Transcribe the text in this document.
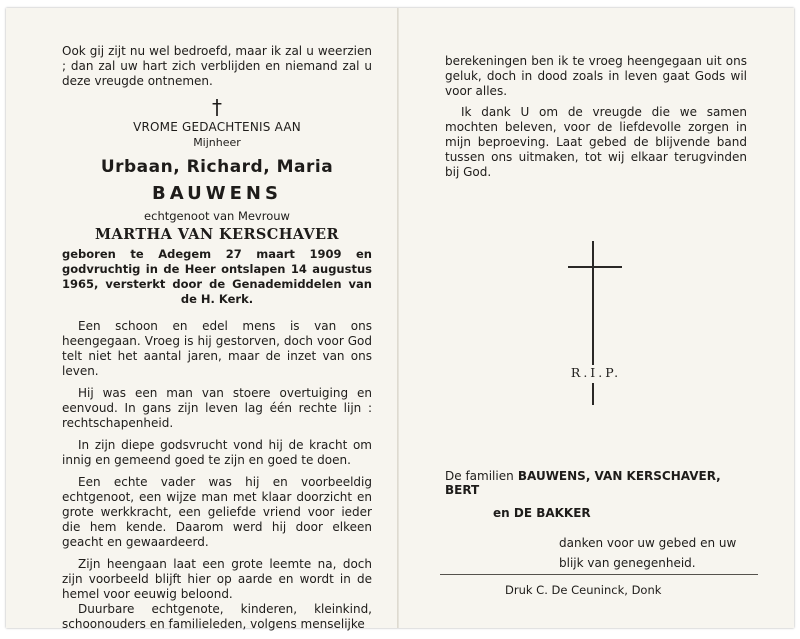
Ook gij zijt nu wel bedroefd, maar ik zal u weerzien ; dan zal uw hart zich verblijden en niemand zal u deze vreugde ontnemen.

†
VROME GEDACHTENIS AAN
Mijnheer
Urbaan, Richard, Maria
BAUWENS
echtgenoot van Mevrouw
MARTHA VAN KERSCHAVER
geboren te Adegem 27 maart 1909 en godvruchtig in de Heer ontslapen 14 augustus 1965, versterkt door de Genademiddelen van de H. Kerk.

Een schoon en edel mens is van ons heengegaan. Vroeg is hij gestorven, doch voor God telt niet het aantal jaren, maar de inzet van ons leven.

Hij was een man van stoere overtuiging en eenvoud. In gans zijn leven lag één rechte lijn : rechtschapenheid.

In zijn diepe godsvrucht vond hij de kracht om innig en gemeend goed te zijn en goed te doen.

Een echte vader was hij en voorbeeldig echtgenoot, een wijze man met klaar doorzicht en grote werkkracht, een geliefde vriend voor ieder die hem kende. Daarom werd hij door elkeen geacht en gewaardeerd.

Zijn heengaan laat een grote leemte na, doch zijn voorbeeld blijft hier op aarde en wordt in de hemel voor eeuwig beloond.

Duurbare echtgenote, kinderen, kleinkind, schoonouders en familieleden, volgens menselijke

berekeningen ben ik te vroeg heengegaan uit ons geluk, doch in dood zoals in leven gaat Gods wil voor alles.

Ik dank U om de vreugde die we samen mochten beleven, voor de liefdevolle zorgen in mijn beproeving. Laat gebed de blijvende band tussen ons uitmaken, tot wij elkaar terugvinden bij God.

R.I.P.
De familien BAUWENS, VAN KERSCHAVER, BERT
en DE BAKKER
danken voor uw gebed en uw
blijk van genegenheid.
Druk C. De Ceuninck, Donk
